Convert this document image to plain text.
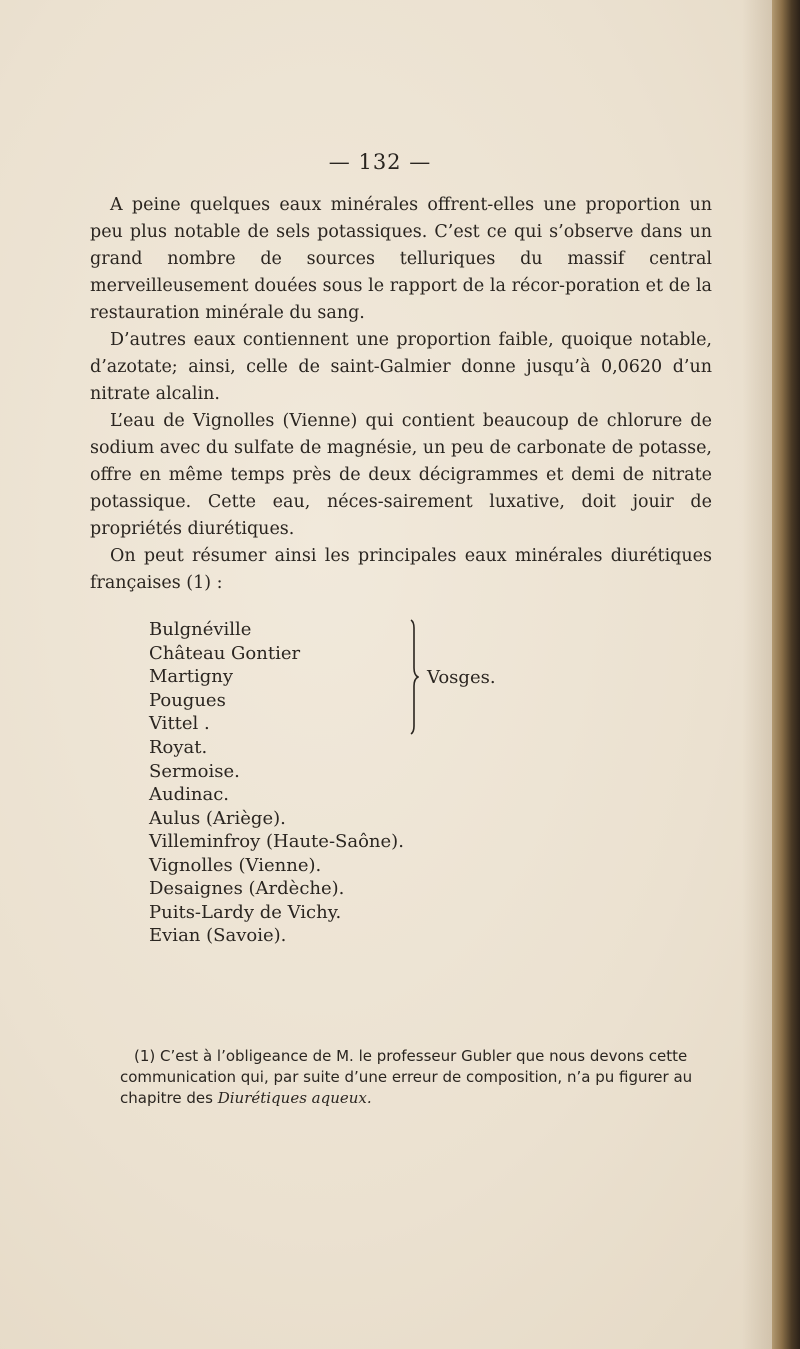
— 132 —

A peine quelques eaux minérales offrent-elles une proportion un peu plus notable de sels potassiques. C’est ce qui s’observe dans un grand nombre de sources telluriques du massif central merveilleusement douées sous le rapport de la récor-poration et de la restauration minérale du sang.

D’autres eaux contiennent une proportion faible, quoique notable, d’azotate; ainsi, celle de saint-Galmier donne jusqu’à 0,0620 d’un nitrate alcalin.

L’eau de Vignolles (Vienne) qui contient beaucoup de chlorure de sodium avec du sulfate de magnésie, un peu de carbonate de potasse, offre en même temps près de deux décigrammes et demi de nitrate potassique. Cette eau, néces-sairement luxative, doit jouir de propriétés diurétiques.

On peut résumer ainsi les principales eaux minérales diurétiques françaises (1) :

Bulgnéville
Château Gontier
Martigny
Pougues
Vittel .
Vosges.
Royat.
Sermoise.
Audinac.
Aulus (Ariège).
Villeminfroy (Haute-Saône).
Vignolles (Vienne).
Desaignes (Ardèche).
Puits-Lardy de Vichy.
Evian (Savoie).

(1) C’est à l’obligeance de M. le professeur Gubler que nous devons cette communication qui, par suite d’une erreur de composition, n’a pu figurer au chapitre des Diurétiques aqueux.
